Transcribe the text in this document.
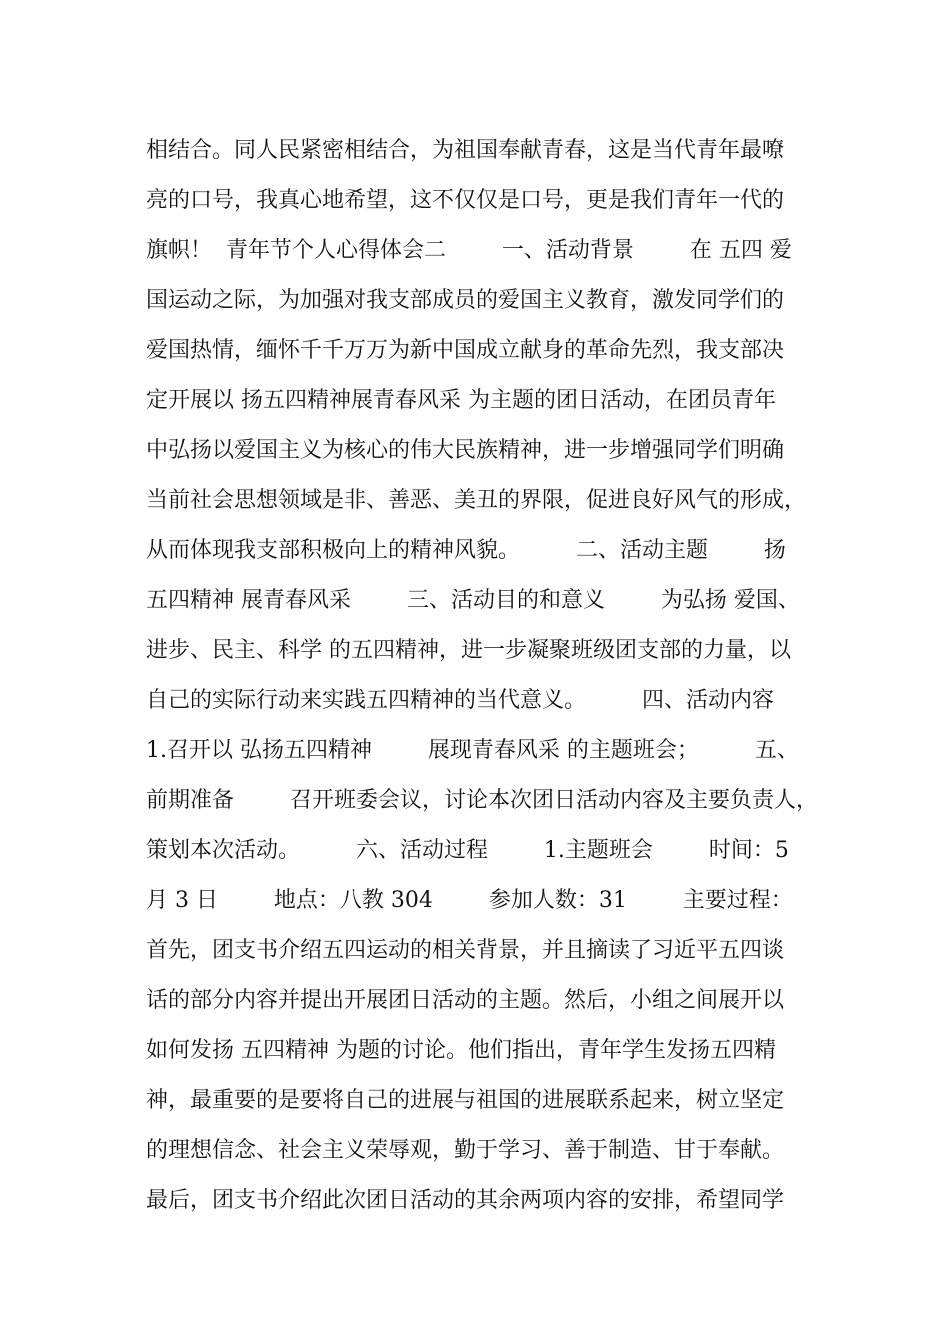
相结合。同人民紧密相结合，为祖国奉献青春，这是当代青年最嘹
亮的口号，我真心地希望，这不仅仅是口号，更是我们青年一代的
旗帜！  青年节个人心得体会二        一、活动背景        在 五四 爱
国运动之际，为加强对我支部成员的爱国主义教育，激发同学们的
爱国热情，缅怀千千万万为新中国成立献身的革命先烈，我支部决
定开展以 扬五四精神展青春风采 为主题的团日活动，在团员青年
中弘扬以爱国主义为核心的伟大民族精神，进一步增强同学们明确
当前社会思想领域是非、善恶、美丑的界限，促进良好风气的形成，
从而体现我支部积极向上的精神风貌。        二、活动主题        扬
五四精神 展青春风采        三、活动目的和意义        为弘扬 爱国、
进步、民主、科学 的五四精神，进一步凝聚班级团支部的力量，以
自己的实际行动来实践五四精神的当代意义。        四、活动内容
1.召开以 弘扬五四精神        展现青春风采 的主题班会；        五、
前期准备        召开班委会议，讨论本次团日活动内容及主要负责人，
策划本次活动。        六、活动过程        1.主题班会        时间：5
月 3 日        地点：八教 304        参加人数：31        主要过程：
首先，团支书介绍五四运动的相关背景，并且摘读了习近平五四谈
话的部分内容并提出开展团日活动的主题。然后，小组之间展开以
如何发扬 五四精神 为题的讨论。他们指出，青年学生发扬五四精
神，最重要的是要将自己的进展与祖国的进展联系起来，树立坚定
的理想信念、社会主义荣辱观，勤于学习、善于制造、甘于奉献。
最后，团支书介绍此次团日活动的其余两项内容的安排，希望同学
